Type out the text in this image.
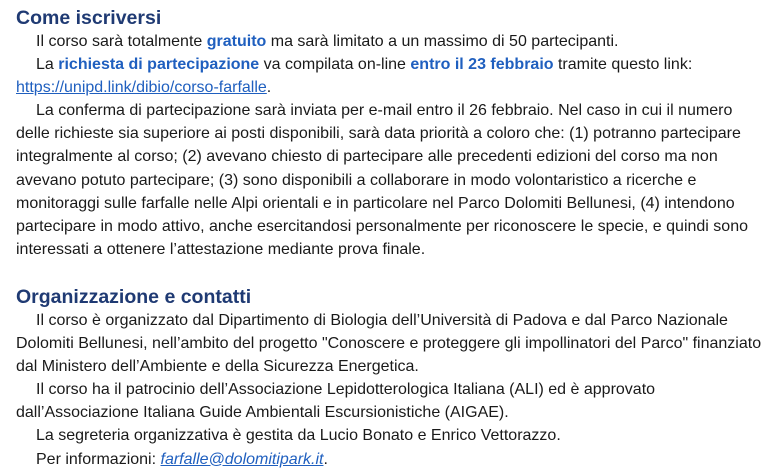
Come iscriversi

Il corso sarà totalmente gratuito ma sarà limitato a un massimo di 50 partecipanti.

La richiesta di partecipazione va compilata on-line entro il 23 febbraio tramite questo link: https://unipd.link/dibio/corso-farfalle.

La conferma di partecipazione sarà inviata per e-mail entro il 26 febbraio. Nel caso in cui il numero delle richieste sia superiore ai posti disponibili, sarà data priorità a coloro che: (1) potranno partecipare integralmente al corso; (2) avevano chiesto di partecipare alle precedenti edizioni del corso ma non avevano potuto partecipare; (3) sono disponibili a collaborare in modo volontaristico a ricerche e monitoraggi sulle farfalle nelle Alpi orientali e in particolare nel Parco Dolomiti Bellunesi, (4) intendono partecipare in modo attivo, anche esercitandosi personalmente per riconoscere le specie, e quindi sono interessati a ottenere l’attestazione mediante prova finale.

Organizzazione e contatti

Il corso è organizzato dal Dipartimento di Biologia dell’Università di Padova e dal Parco Nazionale Dolomiti Bellunesi, nell’ambito del progetto "Conoscere e proteggere gli impollinatori del Parco" finanziato dal Ministero dell’Ambiente e della Sicurezza Energetica.

Il corso ha il patrocinio dell’Associazione Lepidotterologica Italiana (ALI) ed è approvato dall’Associazione Italiana Guide Ambientali Escursionistiche (AIGAE).

La segreteria organizzativa è gestita da Lucio Bonato e Enrico Vettorazzo.

Per informazioni: farfalle@dolomitipark.it.
